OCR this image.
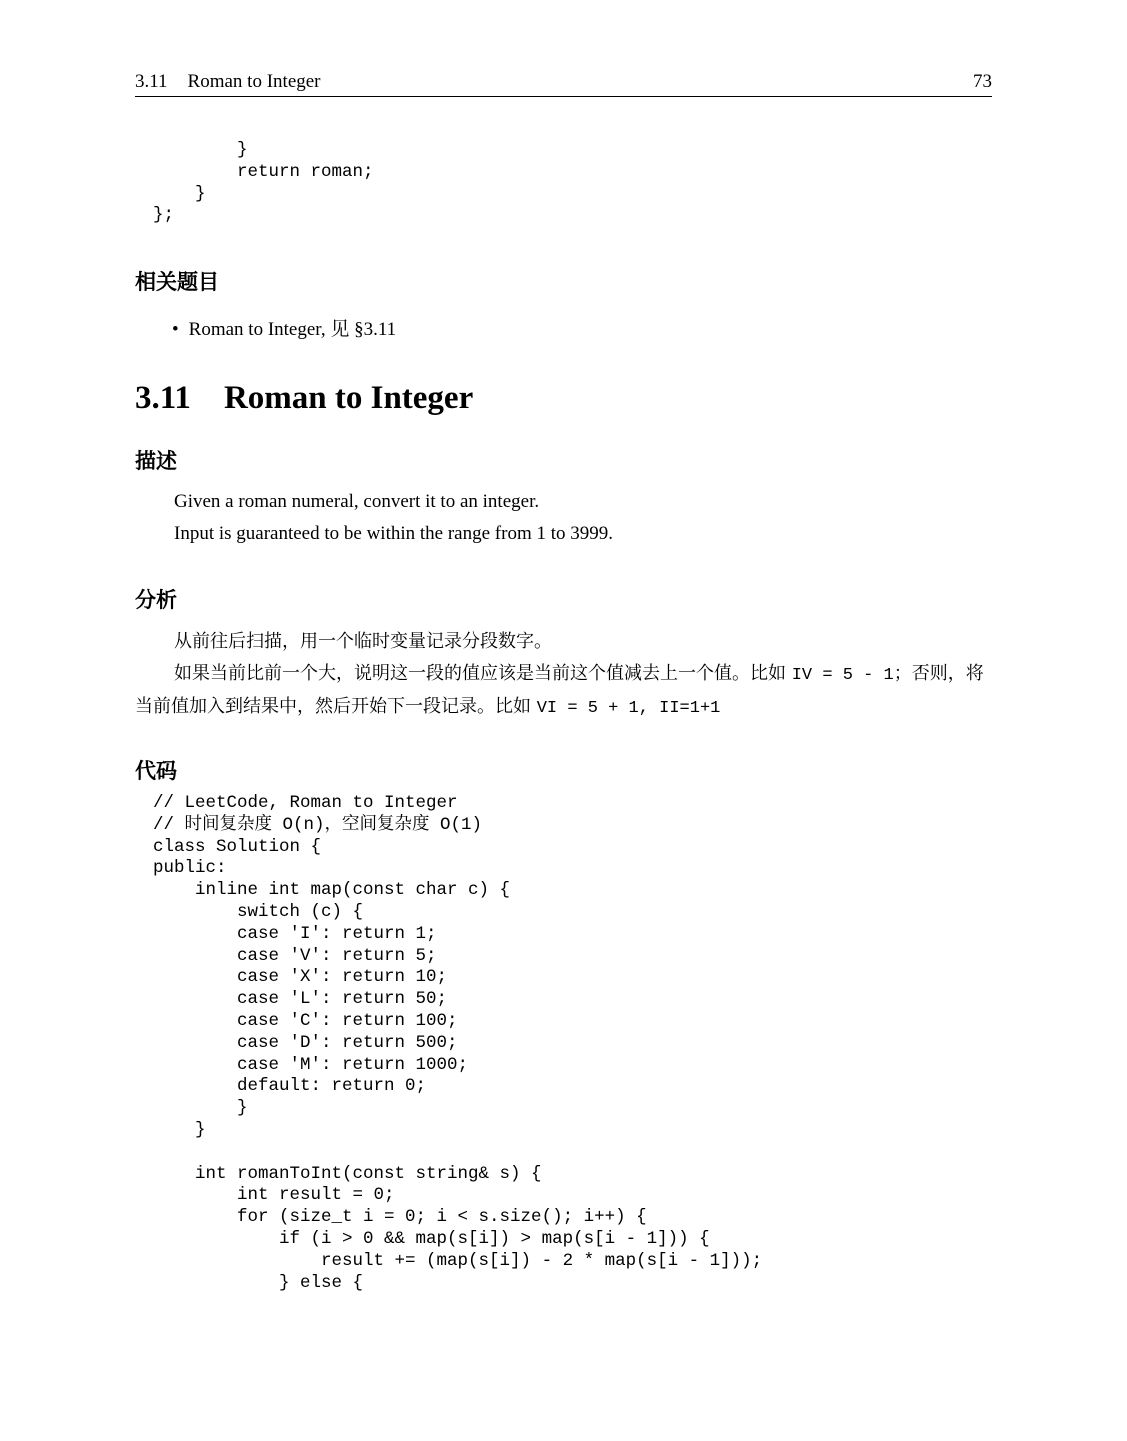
3.11 Roman to Integer	73
}
return roman;
}
};
相关题目
• Roman to Integer, 见 §3.11
3.11 Roman to Integer
描述

Given a roman numeral, convert it to an integer.

Input is guaranteed to be within the range from 1 to 3999.

分析

从前往后扫描，用一个临时变量记录分段数字。

如果当前比前一个大，说明这一段的值应该是当前这个值减去上一个值。比如 IV = 5 - 1；否则，将当前值加入到结果中，然后开始下一段记录。比如 VI = 5 + 1, II=1+1

代码
// LeetCode, Roman to Integer
// 时间复杂度 O(n)，空间复杂度 O(1)
class Solution {
public:
inline int map(const char c) {
switch (c) {
case 'I': return 1;
case 'V': return 5;
case 'X': return 10;
case 'L': return 50;
case 'C': return 100;
case 'D': return 500;
case 'M': return 1000;
default: return 0;
}
}

int romanToInt(const string& s) {
int result = 0;
for (size_t i = 0; i < s.size(); i++) {
if (i > 0 && map(s[i]) > map(s[i - 1])) {
result += (map(s[i]) - 2 * map(s[i - 1]));
} else {
